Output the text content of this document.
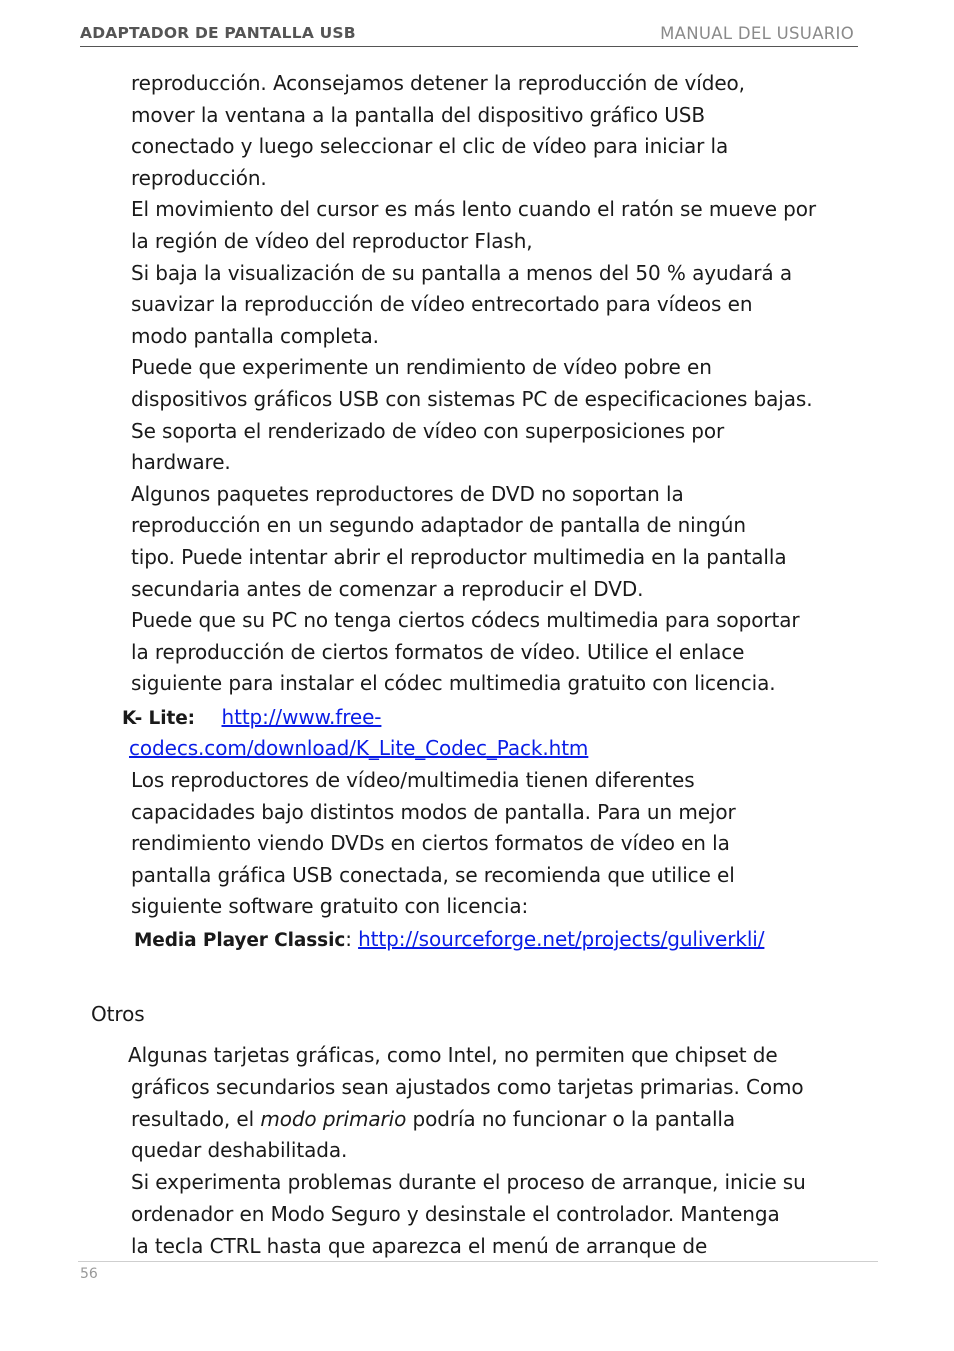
ADAPTADOR DE PANTALLA USB	MANUAL DEL USUARIO
reproducción. Aconsejamos detener la reproducción de vídeo,
mover la ventana a la pantalla del dispositivo gráfico USB
conectado y luego seleccionar el clic de vídeo para iniciar la
reproducción.
El movimiento del cursor es más lento cuando el ratón se mueve por
la región de vídeo del reproductor Flash,
Si baja la visualización de su pantalla a menos del 50 % ayudará a
suavizar la reproducción de vídeo entrecortado para vídeos en
modo pantalla completa.
Puede que experimente un rendimiento de vídeo pobre en
dispositivos gráficos USB con sistemas PC de especificaciones bajas.
Se soporta el renderizado de vídeo con superposiciones por
hardware.
Algunos paquetes reproductores de DVD no soportan la
reproducción en un segundo adaptador de pantalla de ningún
tipo. Puede intentar abrir el reproductor multimedia en la pantalla
secundaria antes de comenzar a reproducir el DVD.
Puede que su PC no tenga ciertos códecs multimedia para soportar
la reproducción de ciertos formatos de vídeo. Utilice el enlace
siguiente para instalar el códec multimedia gratuito con licencia.
K- Lite: http://www.free-
codecs.com/download/K_Lite_Codec_Pack.htm
Los reproductores de vídeo/multimedia tienen diferentes
capacidades bajo distintos modos de pantalla. Para un mejor
rendimiento viendo DVDs en ciertos formatos de vídeo en la
pantalla gráfica USB conectada, se recomienda que utilice el
siguiente software gratuito con licencia:
Media Player Classic: http://sourceforge.net/projects/guliverkli/
Otros
Algunas tarjetas gráficas, como Intel, no permiten que chipset de
gráficos secundarios sean ajustados como tarjetas primarias. Como
resultado, el modo primario podría no funcionar o la pantalla
quedar deshabilitada.
Si experimenta problemas durante el proceso de arranque, inicie su
ordenador en Modo Seguro y desinstale el controlador. Mantenga
la tecla CTRL hasta que aparezca el menú de arranque de
56
